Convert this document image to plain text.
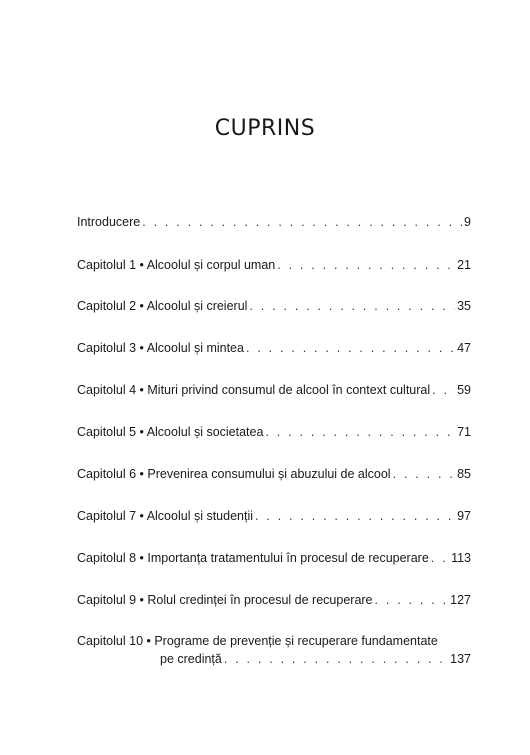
CUPRINS
Introducere . . .	9
Capitolul 1 • Alcoolul și corpul uman . . .	21
Capitolul 2 • Alcoolul și creierul . . .	35
Capitolul 3 • Alcoolul și mintea . . .	47
Capitolul 4 • Mituri privind consumul de alcool în context cultural . . . 59
Capitolul 5 • Alcoolul și societatea . . .	71
Capitolul 6 • Prevenirea consumului și abuzului de alcool . . .	85
Capitolul 7 • Alcoolul și studenții . . .	97
Capitolul 8 • Importanța tratamentului în procesul de recuperare . . . 113
Capitolul 9 • Rolul credinței în procesul de recuperare . . .	127
Capitolul 10 • Programe de prevenție și recuperare fundamentate
pe credință . . .	137
